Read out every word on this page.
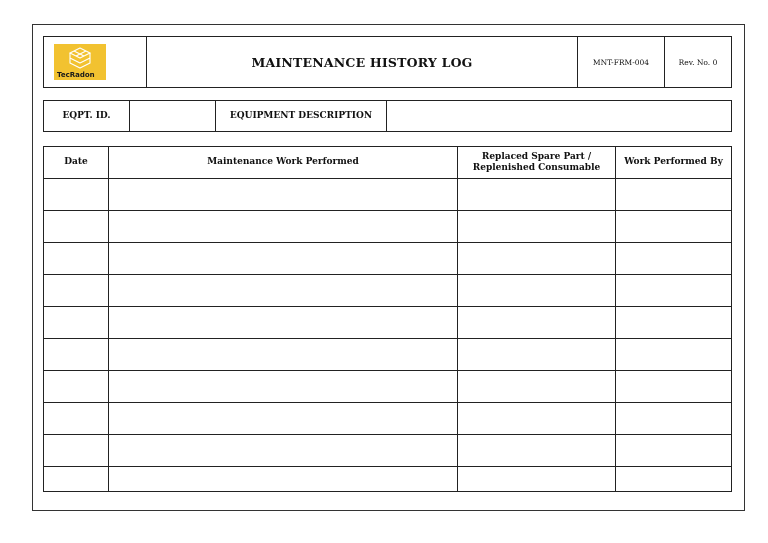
TecRadon
	MAINTENANCE HISTORY LOG	MNT-FRM-004	Rev. No. 0
EQPT. ID.		EQUIPMENT DESCRIPTION	
Date	Maintenance Work Performed	Replaced Spare Part / Replenished Consumable	Work Performed By
